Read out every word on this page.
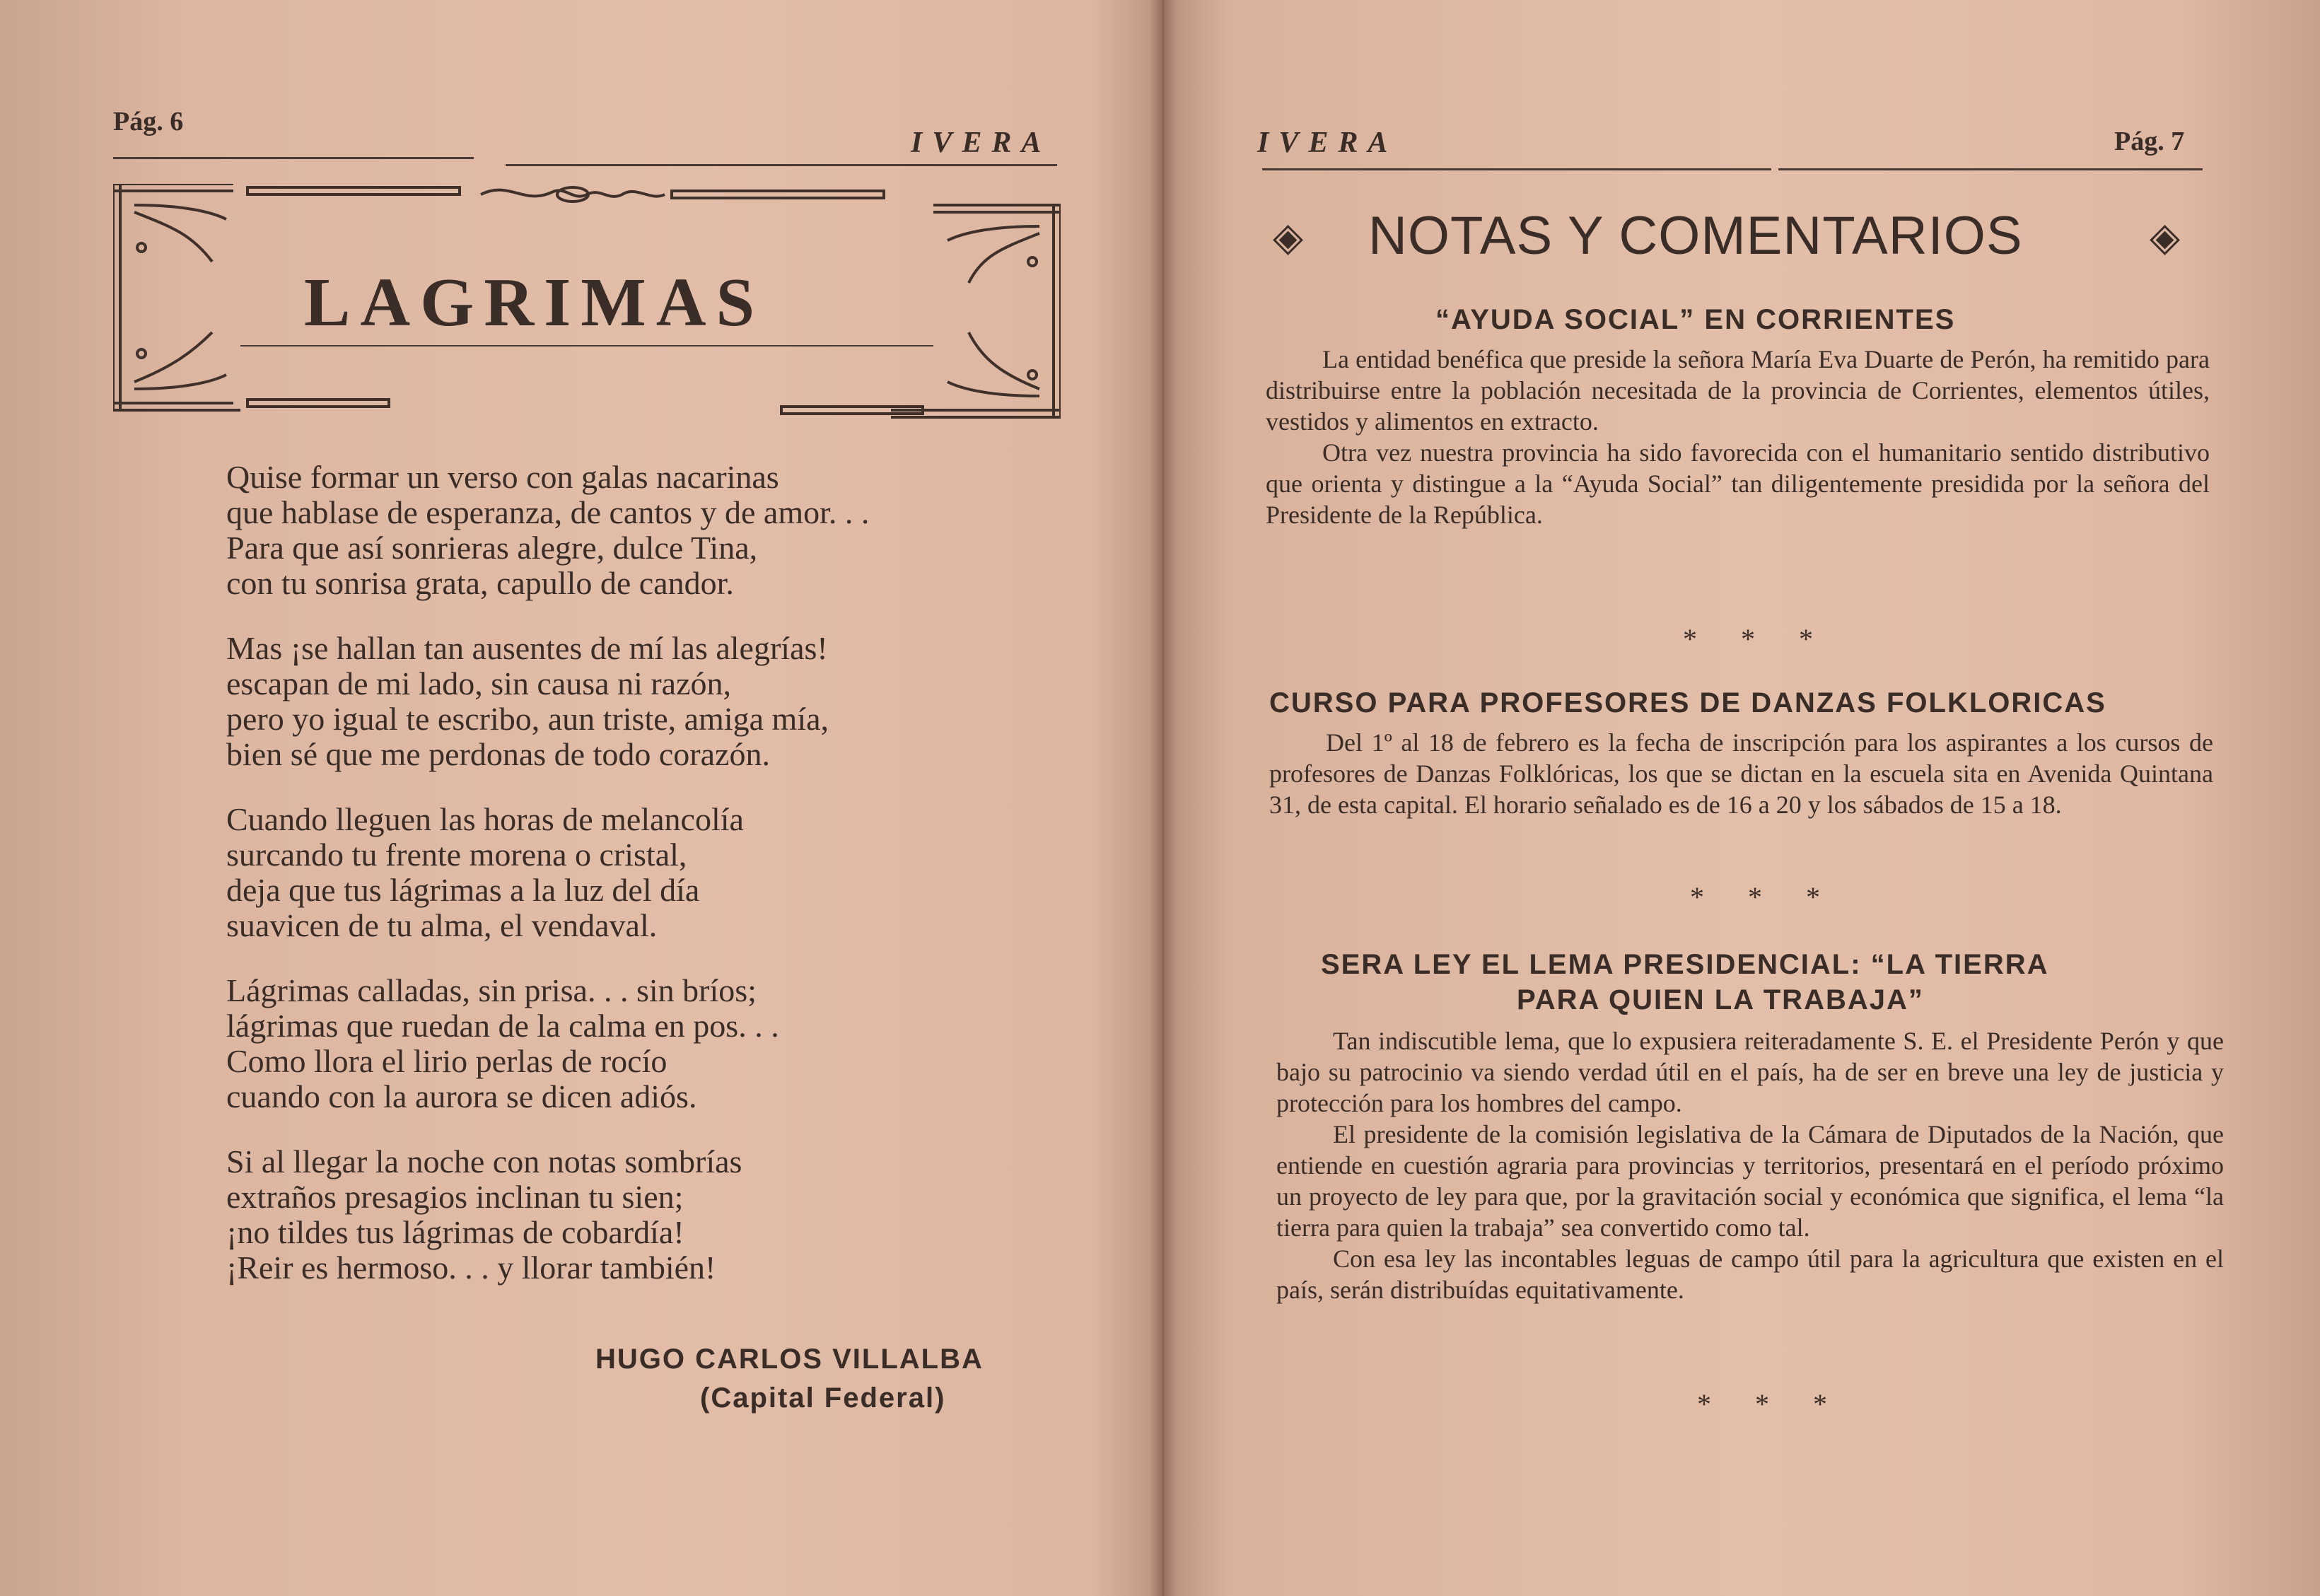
Pág. 6
IVERA
LAGRIMAS
Quise formar un verso con galas nacarinas
que hablase de esperanza, de cantos y de amor. . .
Para que así sonrieras alegre, dulce Tina,
con tu sonrisa grata, capullo de candor.
Mas ¡se hallan tan ausentes de mí las alegrías!
escapan de mi lado, sin causa ni razón,
pero yo igual te escribo, aun triste, amiga mía,
bien sé que me perdonas de todo corazón.
Cuando lleguen las horas de melancolía
surcando tu frente morena o cristal,
deja que tus lágrimas a la luz del día
suavicen de tu alma, el vendaval.
Lágrimas calladas, sin prisa. . . sin bríos;
lágrimas que ruedan de la calma en pos. . .
Como llora el lirio perlas de rocío
cuando con la aurora se dicen adiós.
Si al llegar la noche con notas sombrías
extraños presagios inclinan tu sien;
¡no tildes tus lágrimas de cobardía!
¡Reir es hermoso. . . y llorar también!
HUGO CARLOS VILLALBA
(Capital Federal)
IVERA	Pág. 7
◈ NOTAS Y COMENTARIOS	◈
“AYUDA SOCIAL” EN CORRIENTES

La entidad benéfica que preside la señora María Eva Duarte de Perón, ha remitido para distribuirse entre la población necesitada de la provincia de Corrientes, elementos útiles, vestidos y alimentos en extracto.

Otra vez nuestra provincia ha sido favorecida con el humanitario sentido distributivo que orienta y distingue a la “Ayuda Social” tan diligentemente presidida por la señora del Presidente de la República.

* * *
CURSO PARA PROFESORES DE DANZAS FOLKLORICAS

Del 1º al 18 de febrero es la fecha de inscripción para los aspirantes a los cursos de profesores de Danzas Folklóricas, los que se dictan en la escuela sita en Avenida Quintana 31, de esta capital. El horario señalado es de 16 a 20 y los sábados de 15 a 18.

* * *
SERA LEY EL LEMA PRESIDENCIAL: “LA TIERRA
PARA QUIEN LA TRABAJA”

Tan indiscutible lema, que lo expusiera reiteradamente S. E. el Presidente Perón y que bajo su patrocinio va siendo verdad útil en el país, ha de ser en breve una ley de justicia y protección para los hombres del campo.

El presidente de la comisión legislativa de la Cámara de Diputados de la Nación, que entiende en cuestión agraria para provincias y territorios, presentará en el período próximo un proyecto de ley para que, por la gravitación social y económica que significa, el lema “la tierra para quien la trabaja” sea convertido como tal.

Con esa ley las incontables leguas de campo útil para la agricultura que existen en el país, serán distribuídas equitativamente.

* * *
